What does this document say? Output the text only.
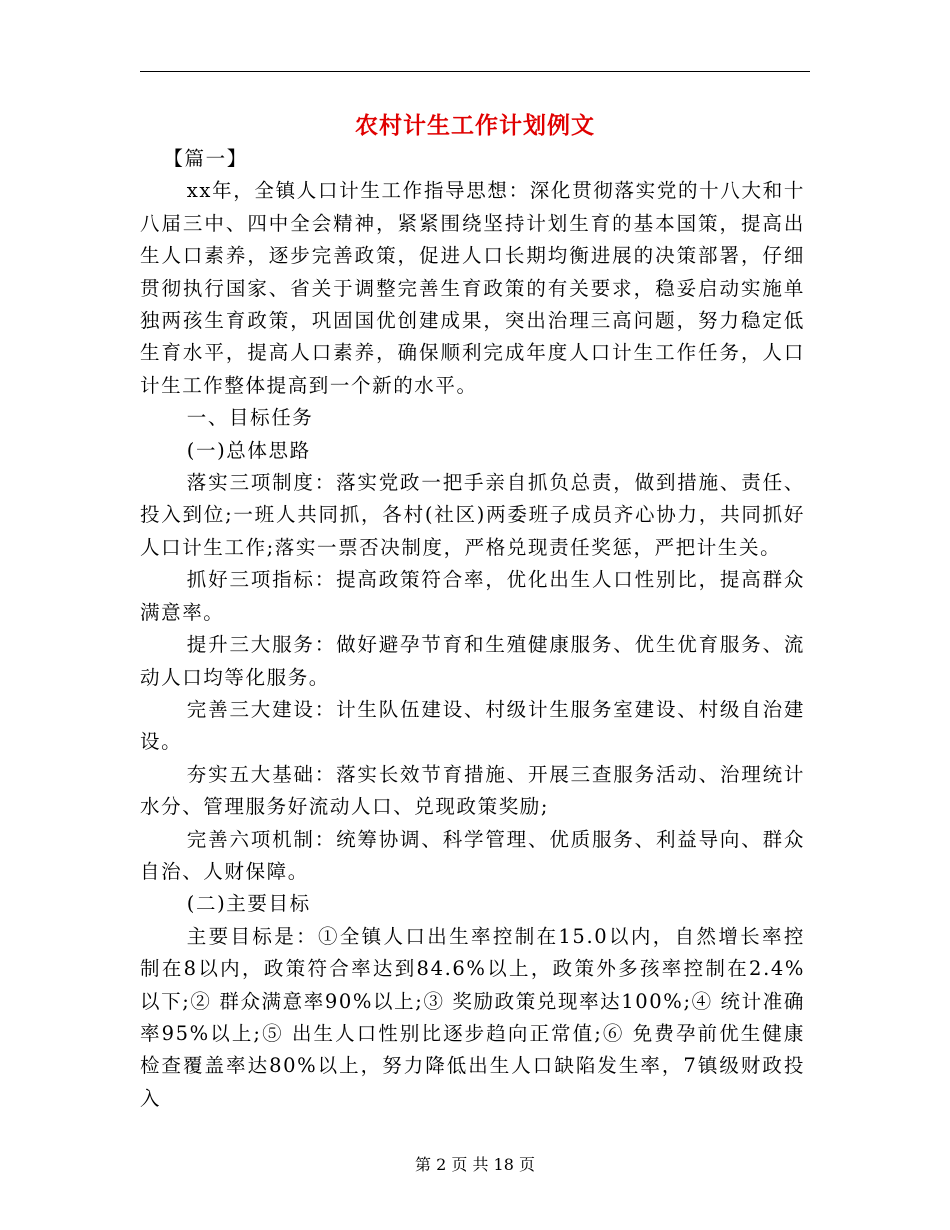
农村计生工作计划例文

【篇一】

xx年，全镇人口计生工作指导思想：深化贯彻落实党的十八大和十八届三中、四中全会精神，紧紧围绕坚持计划生育的基本国策，提高出生人口素养，逐步完善政策，促进人口长期均衡进展的决策部署，仔细贯彻执行国家、省关于调整完善生育政策的有关要求，稳妥启动实施单独两孩生育政策，巩固国优创建成果，突出治理三高问题，努力稳定低生育水平，提高人口素养，确保顺利完成年度人口计生工作任务，人口计生工作整体提高到一个新的水平。

一、目标任务

(一)总体思路

落实三项制度：落实党政一把手亲自抓负总责，做到措施、责任、投入到位;一班人共同抓，各村(社区)两委班子成员齐心协力，共同抓好人口计生工作;落实一票否决制度，严格兑现责任奖惩，严把计生关。

抓好三项指标：提高政策符合率，优化出生人口性别比，提高群众满意率。

提升三大服务：做好避孕节育和生殖健康服务、优生优育服务、流动人口均等化服务。

完善三大建设：计生队伍建设、村级计生服务室建设、村级自治建设。

夯实五大基础：落实长效节育措施、开展三查服务活动、治理统计水分、管理服务好流动人口、兑现政策奖励;

完善六项机制：统筹协调、科学管理、优质服务、利益导向、群众自治、人财保障。

(二)主要目标

主要目标是：①全镇人口出生率控制在15.0以内，自然增长率控制在8以内，政策符合率达到84.6%以上，政策外多孩率控制在2.4%以下;② 群众满意率90%以上;③ 奖励政策兑现率达100%;④ 统计准确率95%以上;⑤ 出生人口性别比逐步趋向正常值;⑥ 免费孕前优生健康检查覆盖率达80%以上，努力降低出生人口缺陷发生率，7镇级财政投入

第 2 页 共 18 页
